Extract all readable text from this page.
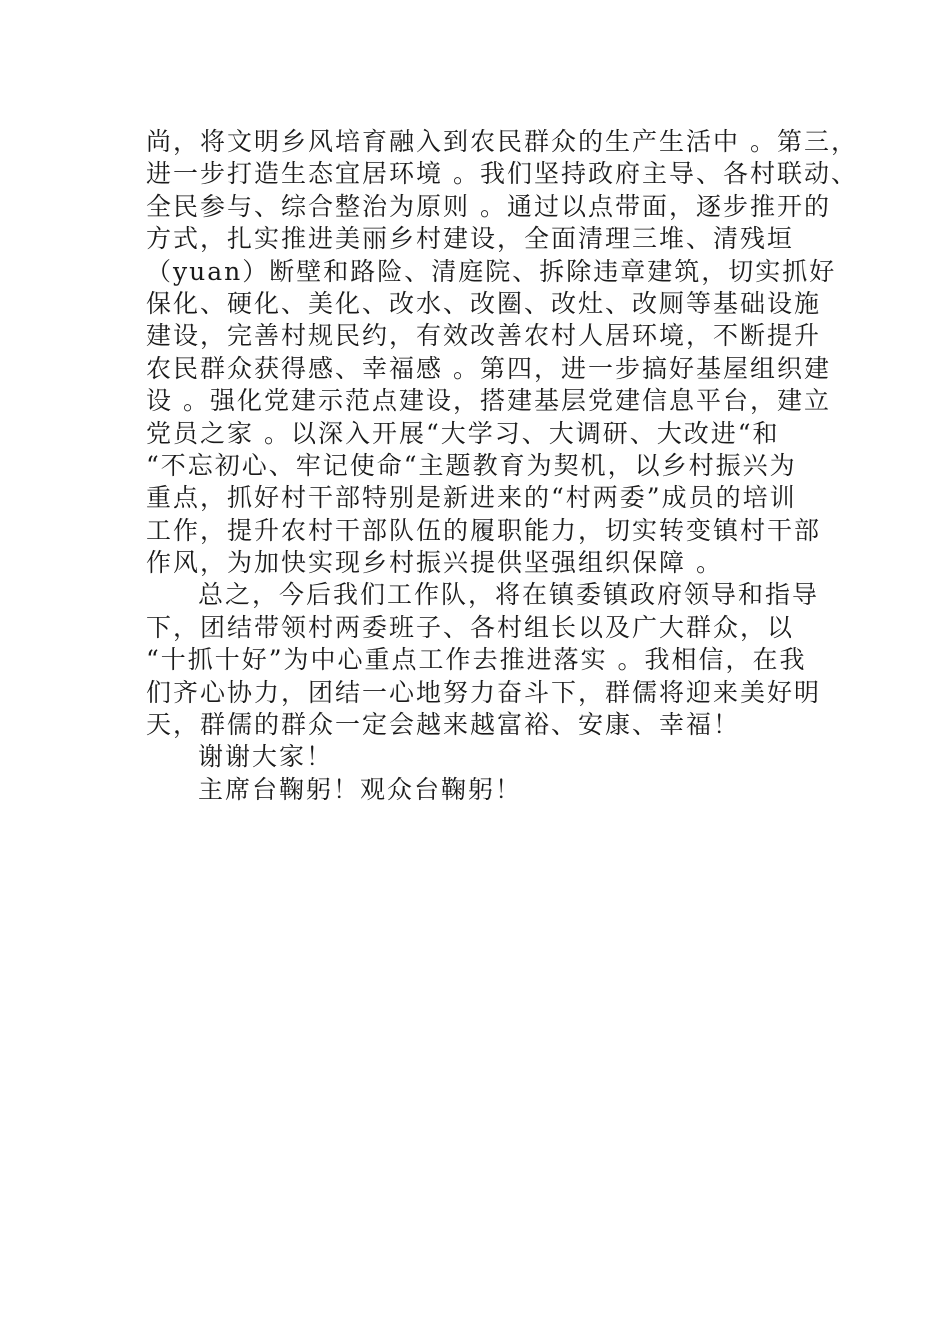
尚，将文明乡风培育融入到农民群众的生产生活中 。第三，
进一步打造生态宜居环境 。我们坚持政府主导、各村联动、
全民参与、综合整治为原则 。通过以点带面，逐步推开的
方式，扎实推进美丽乡村建设，全面清理三堆、清残垣
（yuan）断壁和路险、清庭院、拆除违章建筑，切实抓好
保化、硬化、美化、改水、改圈、改灶、改厕等基础设施
建设，完善村规民约，有效改善农村人居环境，不断提升
农民群众获得感、幸福感 。第四，进一步搞好基屋组织建
设 。强化党建示范点建设，搭建基层党建信息平台，建立
党员之家 。以深入开展“大学习、大调研、大改进“和
“不忘初心、牢记使命“主题教育为契机，以乡村振兴为
重点，抓好村干部特别是新进来的“村两委”成员的培训
工作，提升农村干部队伍的履职能力，切实转变镇村干部
作风，为加快实现乡村振兴提供坚强组织保障 。
总之，今后我们工作队，将在镇委镇政府领导和指导
下，团结带领村两委班子、各村组长以及广大群众，以
“十抓十好”为中心重点工作去推进落实 。我相信，在我
们齐心协力，团结一心地努力奋斗下，群儒将迎来美好明
天，群儒的群众一定会越来越富裕、安康、幸福！
谢谢大家！
主席台鞠躬！观众台鞠躬！
